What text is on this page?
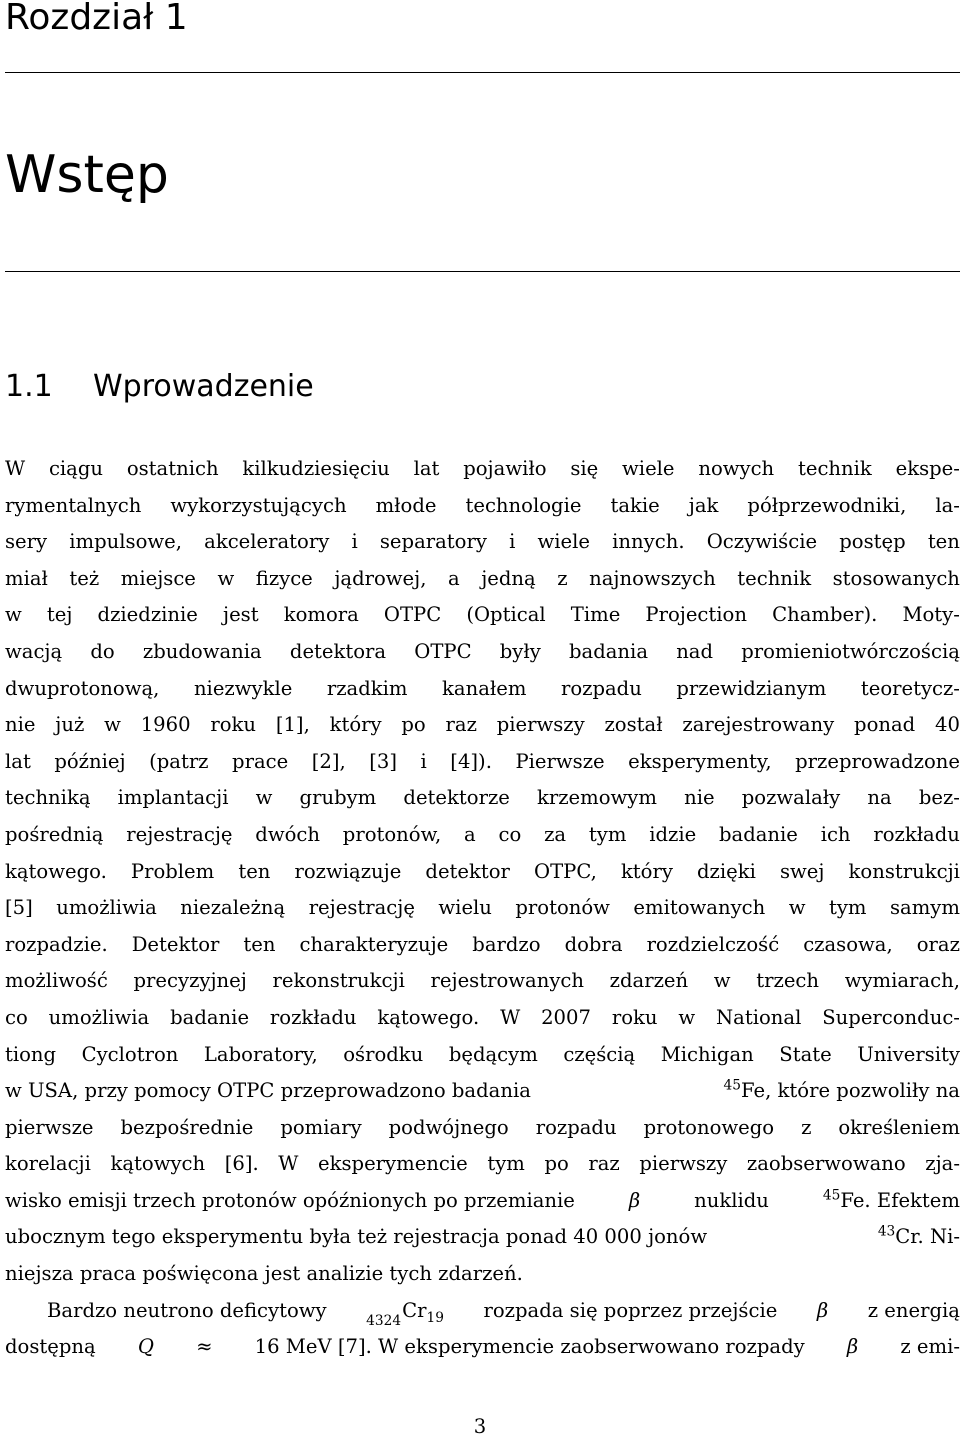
Rozdział 1
Wstęp
1.1 Wprowadzenie
W ciągu ostatnich kilkudziesięciu lat pojawiło się wiele nowych technik ekspe-
rymentalnych wykorzystujących młode technologie takie jak półprzewodniki, la-
sery impulsowe, akceleratory i separatory i wiele innych. Oczywiście postęp ten
miał też miejsce w fizyce jądrowej, a jedną z najnowszych technik stosowanych
w tej dziedzinie jest komora OTPC (Optical Time Projection Chamber). Moty-
wacją do zbudowania detektora OTPC były badania nad promieniotwórczością
dwuprotonową, niezwykle rzadkim kanałem rozpadu przewidzianym teoretycz-
nie już w 1960 roku [1], który po raz pierwszy został zarejestrowany ponad 40
lat później (patrz prace [2], [3] i [4]). Pierwsze eksperymenty, przeprowadzone
techniką implantacji w grubym detektorze krzemowym nie pozwalały na bez-
pośrednią rejestrację dwóch protonów, a co za tym idzie badanie ich rozkładu
kątowego. Problem ten rozwiązuje detektor OTPC, który dzięki swej konstrukcji
[5] umożliwia niezależną rejestrację wielu protonów emitowanych w tym samym
rozpadzie. Detektor ten charakteryzuje bardzo dobra rozdzielczość czasowa, oraz
możliwość precyzyjnej rekonstrukcji rejestrowanych zdarzeń w trzech wymiarach,
co umożliwia badanie rozkładu kątowego. W 2007 roku w National Superconduc-
tiong Cyclotron Laboratory, ośrodku będącym częścią Michigan State University
w USA, przy pomocy OTPC przeprowadzono badania	$^{45}$Fe, które pozwoliły na
pierwsze bezpośrednie pomiary podwójnego rozpadu protonowego z określeniem
korelacji kątowych [6]. W eksperymencie tym po raz pierwszy zaobserwowano zja-
wisko emisji trzech protonów opóźnionych po przemianie	β	nuklidu	$^{45}$Fe. Efektem
ubocznym tego eksperymentu była też rejestracja ponad 40 000 jonów	$^{43}$Cr. Ni-
niejsza praca poświęcona jest analizie tych zdarzeń.
Bardzo neutrono deficytowy	$4324Cr_{19}$ rozpada się poprzez przejście β z energią
dostępną Q ≈ 16 MeV [7]. W eksperymencie zaobserwowano rozpady β z emi-
3
